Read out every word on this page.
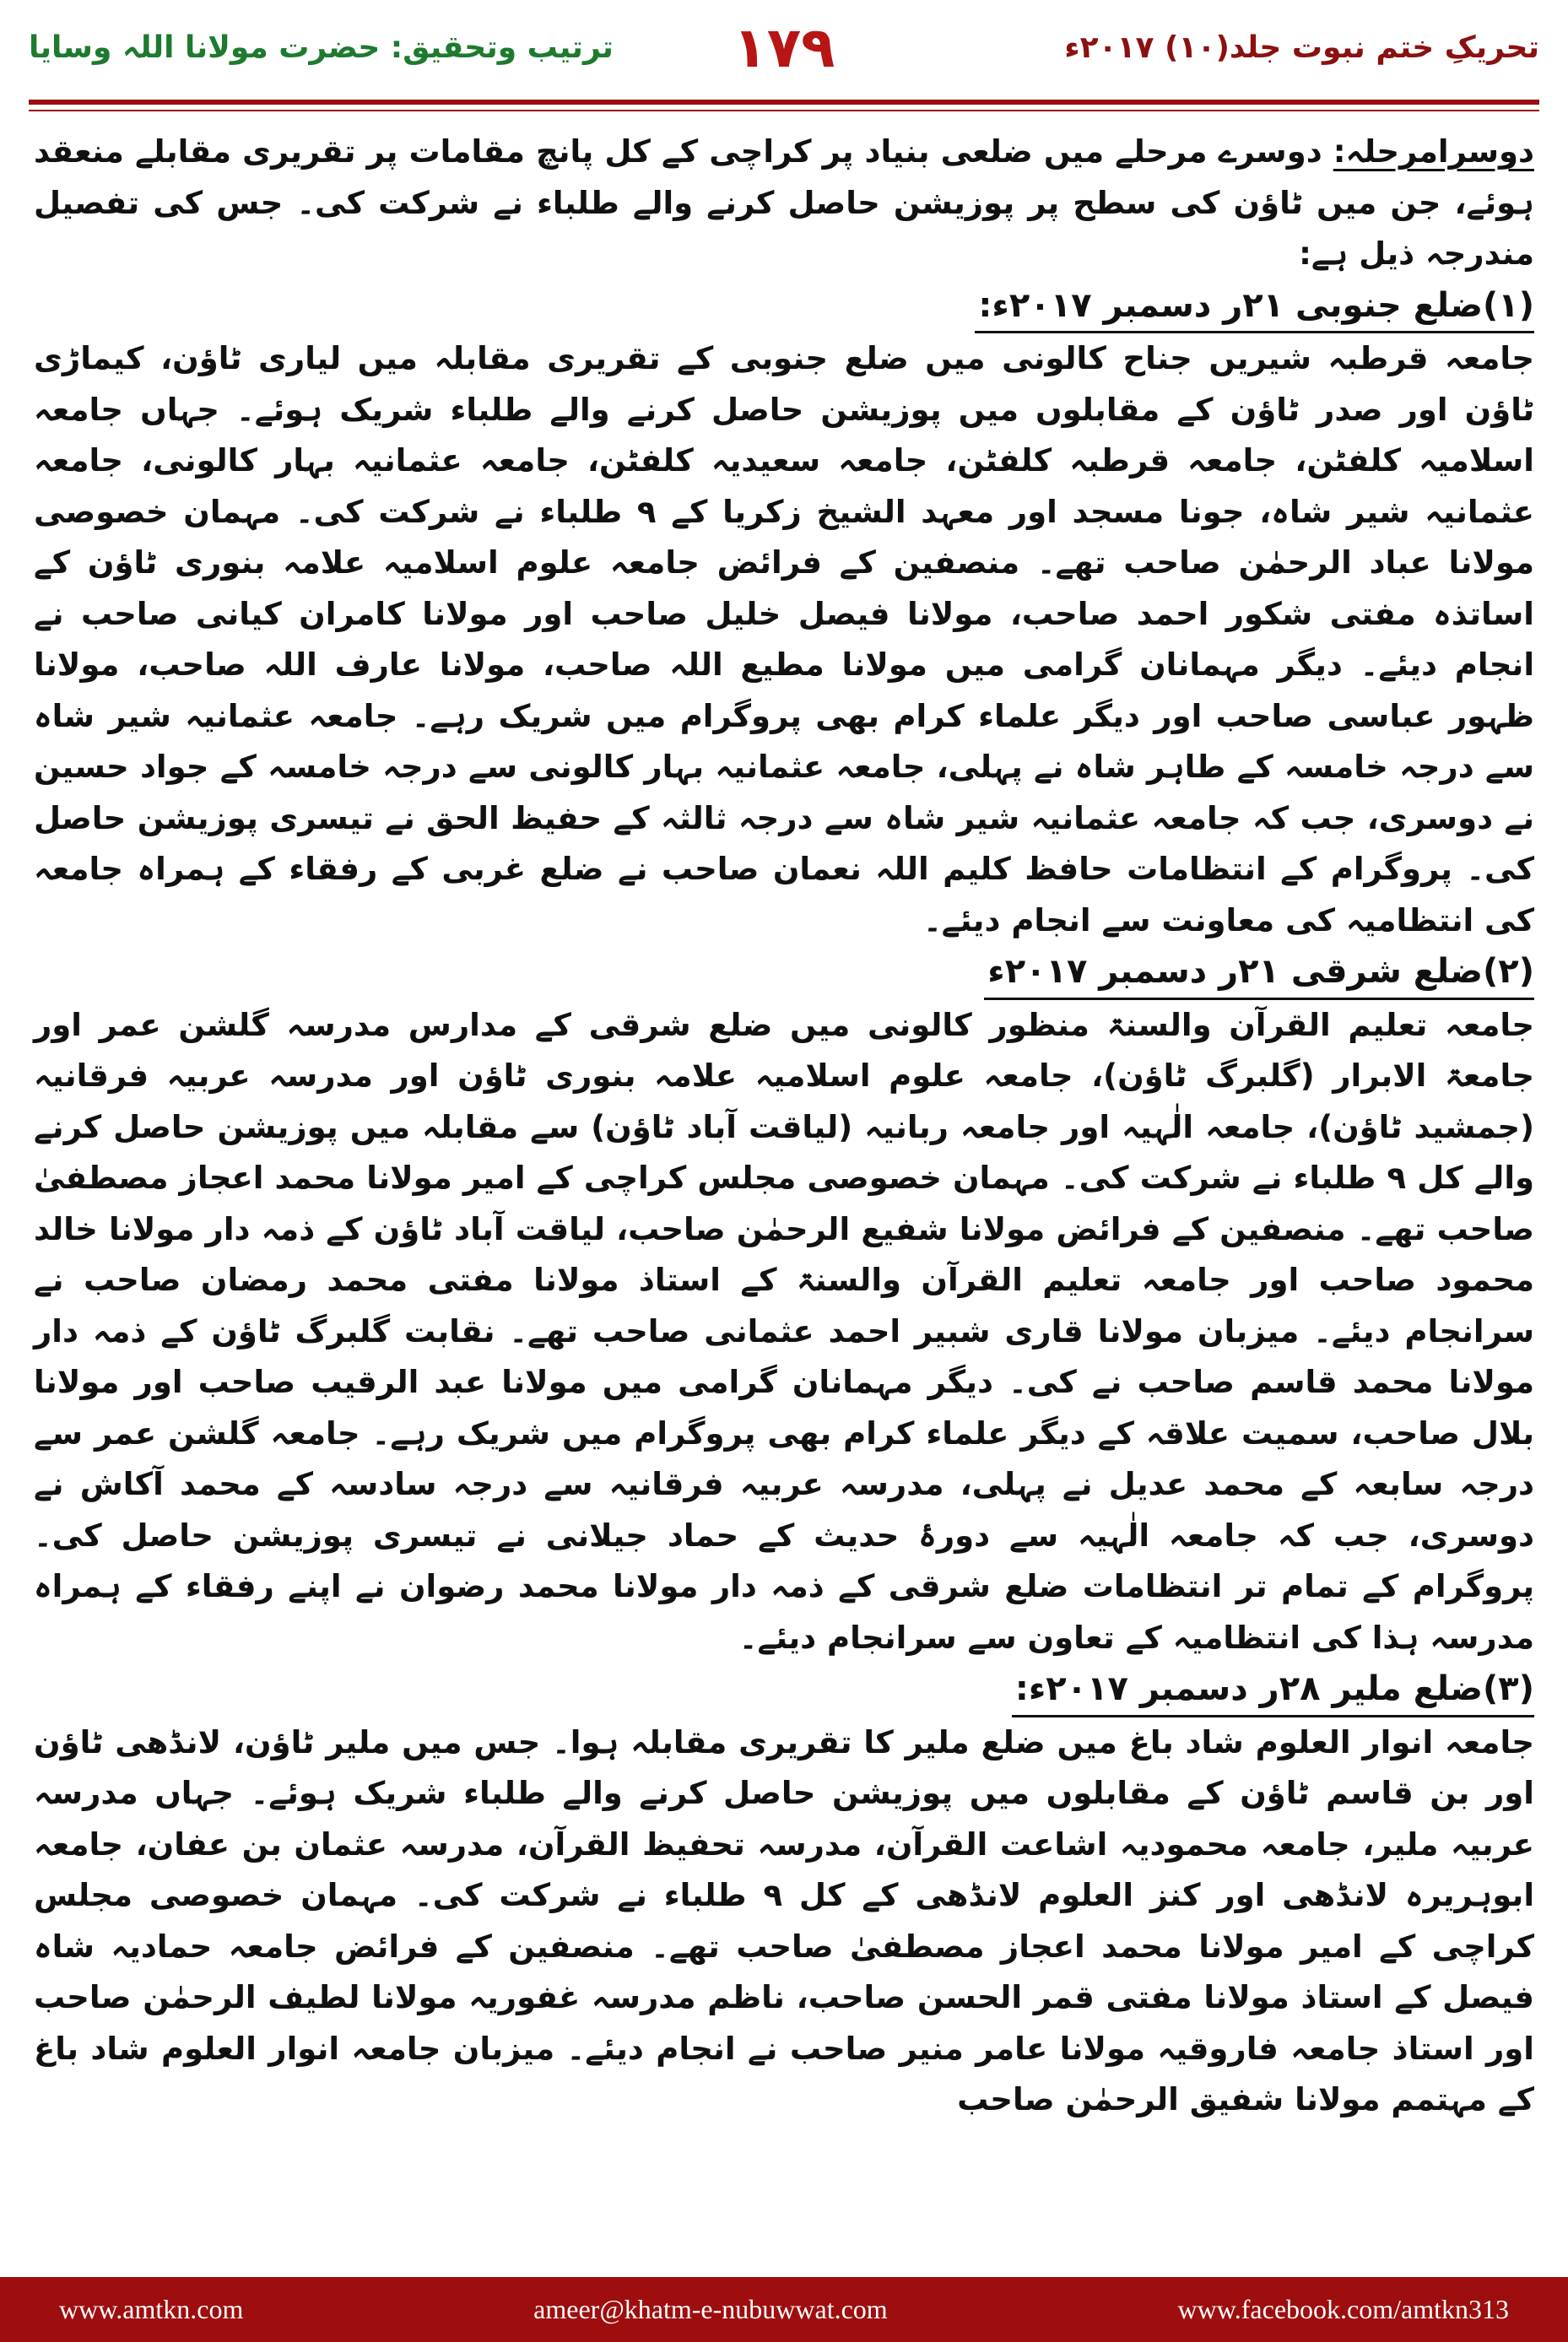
ترتیب وتحقیق: حضرت مولانا اللہ وسایا	۱۷۹	تحریکِ ختم نبوت جلد(۱۰) ۲۰۱۷ء

دوسرامرحلہ: دوسرے مرحلے میں ضلعی بنیاد پر کراچی کے کل پانچ مقامات پر تقریری مقابلے منعقد ہوئے، جن میں ٹاؤن کی سطح پر پوزیشن حاصل کرنے والے طلباء نے شرکت کی۔ جس کی تفصیل مندرجہ ذیل ہے:

(۱)ضلع جنوبی ۲۱ر دسمبر ۲۰۱۷ء:

جامعہ قرطبہ شیریں جناح کالونی میں ضلع جنوبی کے تقریری مقابلہ میں لیاری ٹاؤن، کیماڑی ٹاؤن اور صدر ٹاؤن کے مقابلوں میں پوزیشن حاصل کرنے والے طلباء شریک ہوئے۔ جہاں جامعہ اسلامیہ کلفٹن، جامعہ قرطبہ کلفٹن، جامعہ سعیدیہ کلفٹن، جامعہ عثمانیہ بہار کالونی، جامعہ عثمانیہ شیر شاہ، جونا مسجد اور معہد الشیخ زکریا کے ۹ طلباء نے شرکت کی۔ مہمان خصوصی مولانا عباد الرحمٰن صاحب تھے۔ منصفین کے فرائض جامعہ علوم اسلامیہ علامہ بنوری ٹاؤن کے اساتذہ مفتی شکور احمد صاحب، مولانا فیصل خلیل صاحب اور مولانا کامران کیانی صاحب نے انجام دیئے۔ دیگر مہمانان گرامی میں مولانا مطیع اللہ صاحب، مولانا عارف اللہ صاحب، مولانا ظہور عباسی صاحب اور دیگر علماء کرام بھی پروگرام میں شریک رہے۔ جامعہ عثمانیہ شیر شاہ سے درجہ خامسہ کے طاہر شاہ نے پہلی، جامعہ عثمانیہ بہار کالونی سے درجہ خامسہ کے جواد حسین نے دوسری، جب کہ جامعہ عثمانیہ شیر شاہ سے درجہ ثالثہ کے حفیظ الحق نے تیسری پوزیشن حاصل کی۔ پروگرام کے انتظامات حافظ کلیم اللہ نعمان صاحب نے ضلع غربی کے رفقاء کے ہمراہ جامعہ کی انتظامیہ کی معاونت سے انجام دیئے۔

(۲)ضلع شرقی ۲۱ر دسمبر ۲۰۱۷ء

جامعہ تعلیم القرآن والسنۃ منظور کالونی میں ضلع شرقی کے مدارس مدرسہ گلشن عمر اور جامعۃ الابرار (گلبرگ ٹاؤن)، جامعہ علوم اسلامیہ علامہ بنوری ٹاؤن اور مدرسہ عربیہ فرقانیہ (جمشید ٹاؤن)، جامعہ الٰہیہ اور جامعہ ربانیہ (لیاقت آباد ٹاؤن) سے مقابلہ میں پوزیشن حاصل کرنے والے کل ۹ طلباء نے شرکت کی۔ مہمان خصوصی مجلس کراچی کے امیر مولانا محمد اعجاز مصطفیٰ صاحب تھے۔ منصفین کے فرائض مولانا شفیع الرحمٰن صاحب، لیاقت آباد ٹاؤن کے ذمہ دار مولانا خالد محمود صاحب اور جامعہ تعلیم القرآن والسنۃ کے استاذ مولانا مفتی محمد رمضان صاحب نے سرانجام دیئے۔ میزبان مولانا قاری شبیر احمد عثمانی صاحب تھے۔ نقابت گلبرگ ٹاؤن کے ذمہ دار مولانا محمد قاسم صاحب نے کی۔ دیگر مہمانان گرامی میں مولانا عبد الرقیب صاحب اور مولانا بلال صاحب، سمیت علاقہ کے دیگر علماء کرام بھی پروگرام میں شریک رہے۔ جامعہ گلشن عمر سے درجہ سابعہ کے محمد عدیل نے پہلی، مدرسہ عربیہ فرقانیہ سے درجہ سادسہ کے محمد آکاش نے دوسری، جب کہ جامعہ الٰہیہ سے دورۂ حدیث کے حماد جیلانی نے تیسری پوزیشن حاصل کی۔ پروگرام کے تمام تر انتظامات ضلع شرقی کے ذمہ دار مولانا محمد رضوان نے اپنے رفقاء کے ہمراہ مدرسہ ہذا کی انتظامیہ کے تعاون سے سرانجام دیئے۔

(۳)ضلع ملیر ۲۸ر دسمبر ۲۰۱۷ء:

جامعہ انوار العلوم شاد باغ میں ضلع ملیر کا تقریری مقابلہ ہوا۔ جس میں ملیر ٹاؤن، لانڈھی ٹاؤن اور بن قاسم ٹاؤن کے مقابلوں میں پوزیشن حاصل کرنے والے طلباء شریک ہوئے۔ جہاں مدرسہ عربیہ ملیر، جامعہ محمودیہ اشاعت القرآن، مدرسہ تحفیظ القرآن، مدرسہ عثمان بن عفان، جامعہ ابوہریرہ لانڈھی اور کنز العلوم لانڈھی کے کل ۹ طلباء نے شرکت کی۔ مہمان خصوصی مجلس کراچی کے امیر مولانا محمد اعجاز مصطفیٰ صاحب تھے۔ منصفین کے فرائض جامعہ حمادیہ شاہ فیصل کے استاذ مولانا مفتی قمر الحسن صاحب، ناظم مدرسہ غفوریہ مولانا لطیف الرحمٰن صاحب اور استاذ جامعہ فاروقیہ مولانا عامر منیر صاحب نے انجام دیئے۔ میزبان جامعہ انوار العلوم شاد باغ کے مہتمم مولانا شفیق الرحمٰن صاحب

www.amtkn.com	ameer@khatm-e-nubuwwat.com	www.facebook.com/amtkn313
